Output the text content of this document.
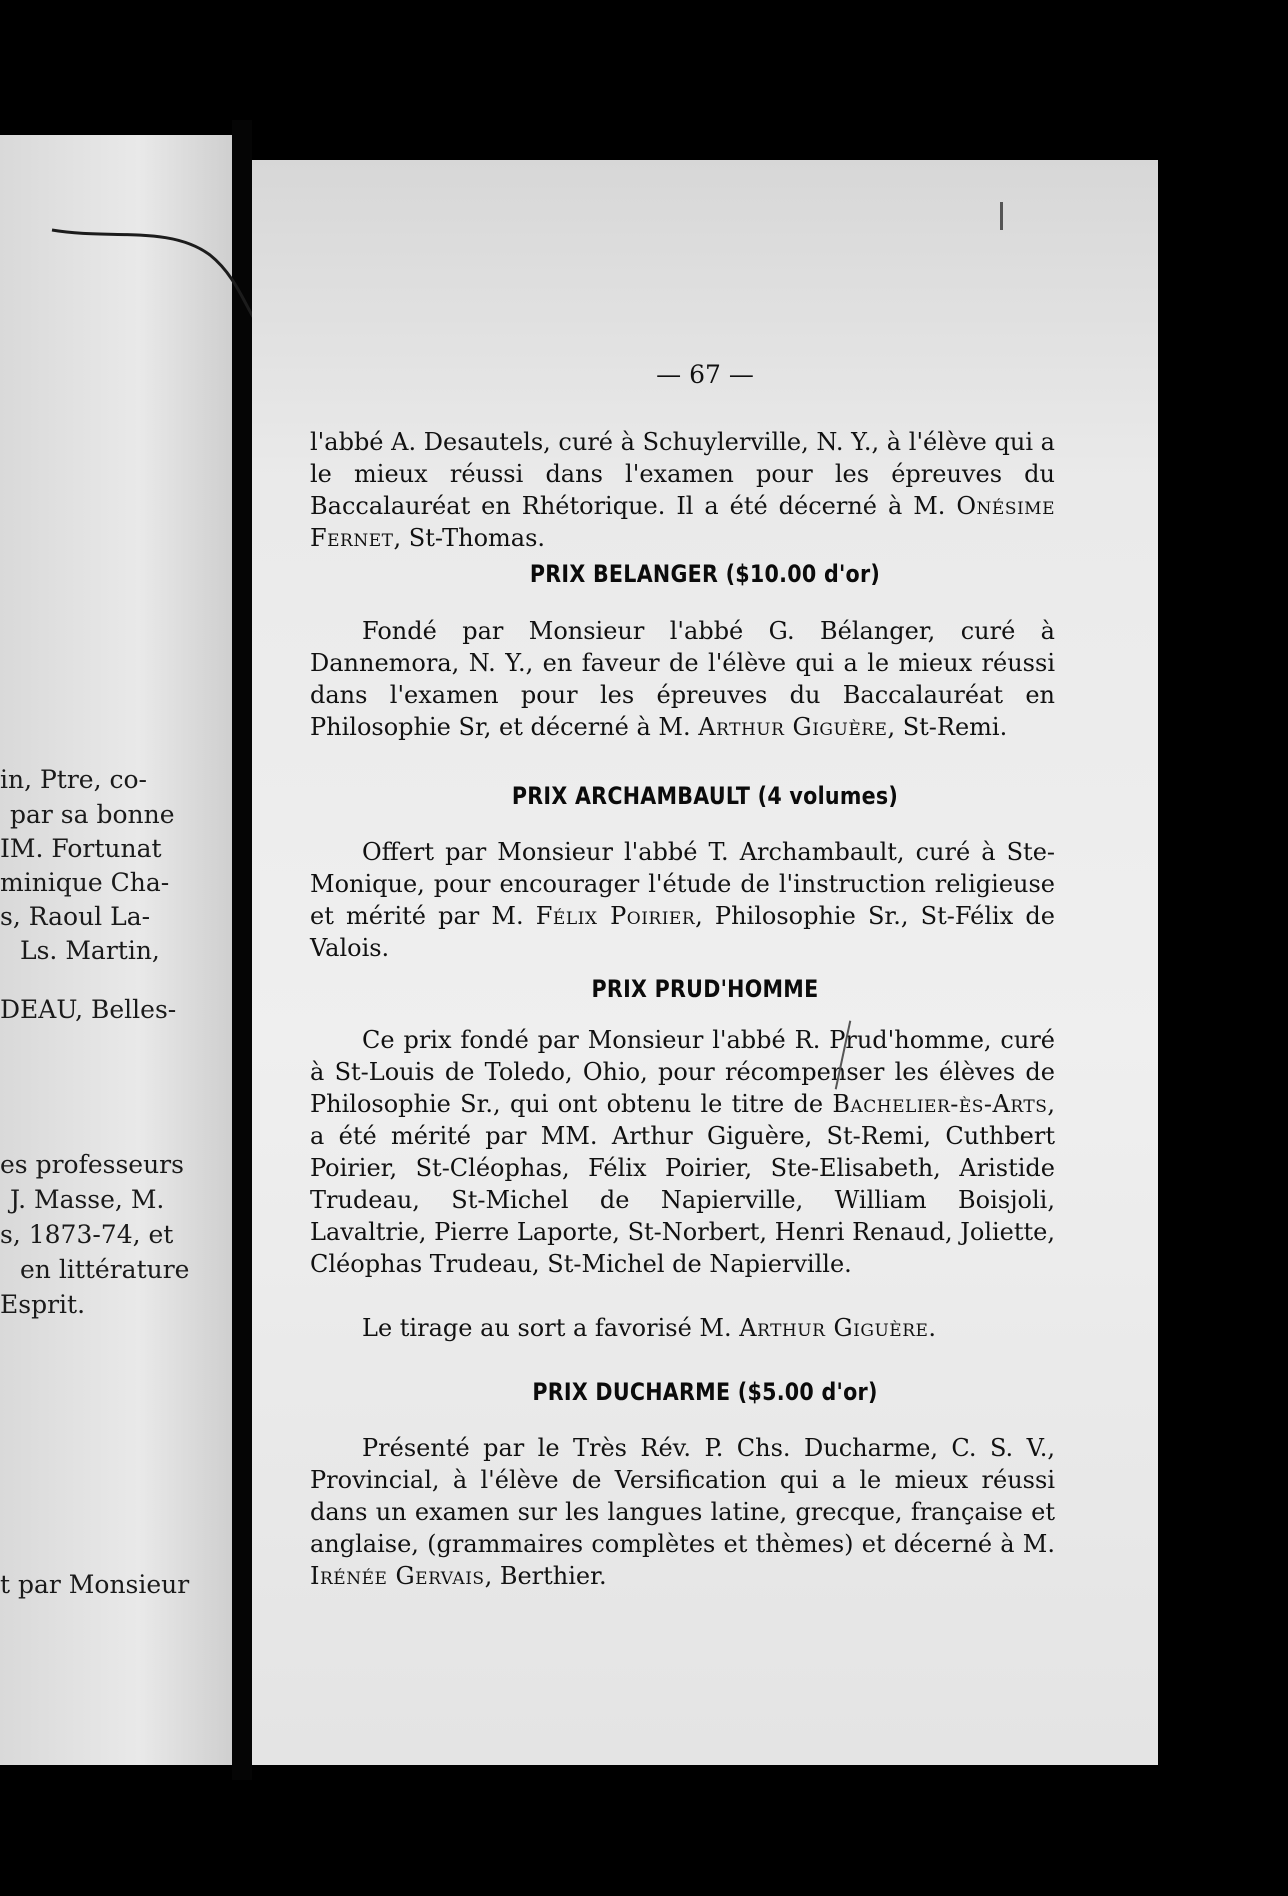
in, Ptre, co-
par sa bonne
IM. Fortunat
minique Cha-
s, Raoul La-
Ls. Martin,
DEAU, Belles-
es professeurs
J. Masse, M.
s, 1873-74, et
en littérature
Esprit.
t par Monsieur
— 67 —

l'abbé A. Desautels, curé à Schuylerville, N. Y., à l'élève qui a le mieux réussi dans l'examen pour les épreuves du Baccalauréat en Rhétorique. Il a été décerné à M. Onésime Fernet, St-Thomas.

PRIX BELANGER ($10.00 d'or)

Fondé par Monsieur l'abbé G. Bélanger, curé à Dannemora, N. Y., en faveur de l'élève qui a le mieux réussi dans l'examen pour les épreuves du Baccalauréat en Philosophie Sr, et décerné à M. Arthur Giguère, St-Remi.

PRIX ARCHAMBAULT (4 volumes)

Offert par Monsieur l'abbé T. Archambault, curé à Ste-Monique, pour encourager l'étude de l'instruction religieuse et mérité par M. Félix Poirier, Philosophie Sr., St-Félix de Valois.

PRIX PRUD'HOMME

Ce prix fondé par Monsieur l'abbé R. Prud'homme, curé à St-Louis de Toledo, Ohio, pour récompenser les élèves de Philosophie Sr., qui ont obtenu le titre de Bachelier-ès-Arts, a été mérité par MM. Arthur Giguère, St-Remi, Cuthbert Poirier, St-Cléophas, Félix Poirier, Ste-Elisabeth, Aristide Trudeau, St-Michel de Napierville, William Boisjoli, Lavaltrie, Pierre Laporte, St-Norbert, Henri Renaud, Joliette, Cléophas Trudeau, St-Michel de Napierville.

Le tirage au sort a favorisé M. Arthur Giguère.

PRIX DUCHARME ($5.00 d'or)

Présenté par le Très Rév. P. Chs. Ducharme, C. S. V., Provincial, à l'élève de Versification qui a le mieux réussi dans un examen sur les langues latine, grecque, française et anglaise, (grammaires complètes et thèmes) et décerné à M. Irénée Gervais, Berthier.
